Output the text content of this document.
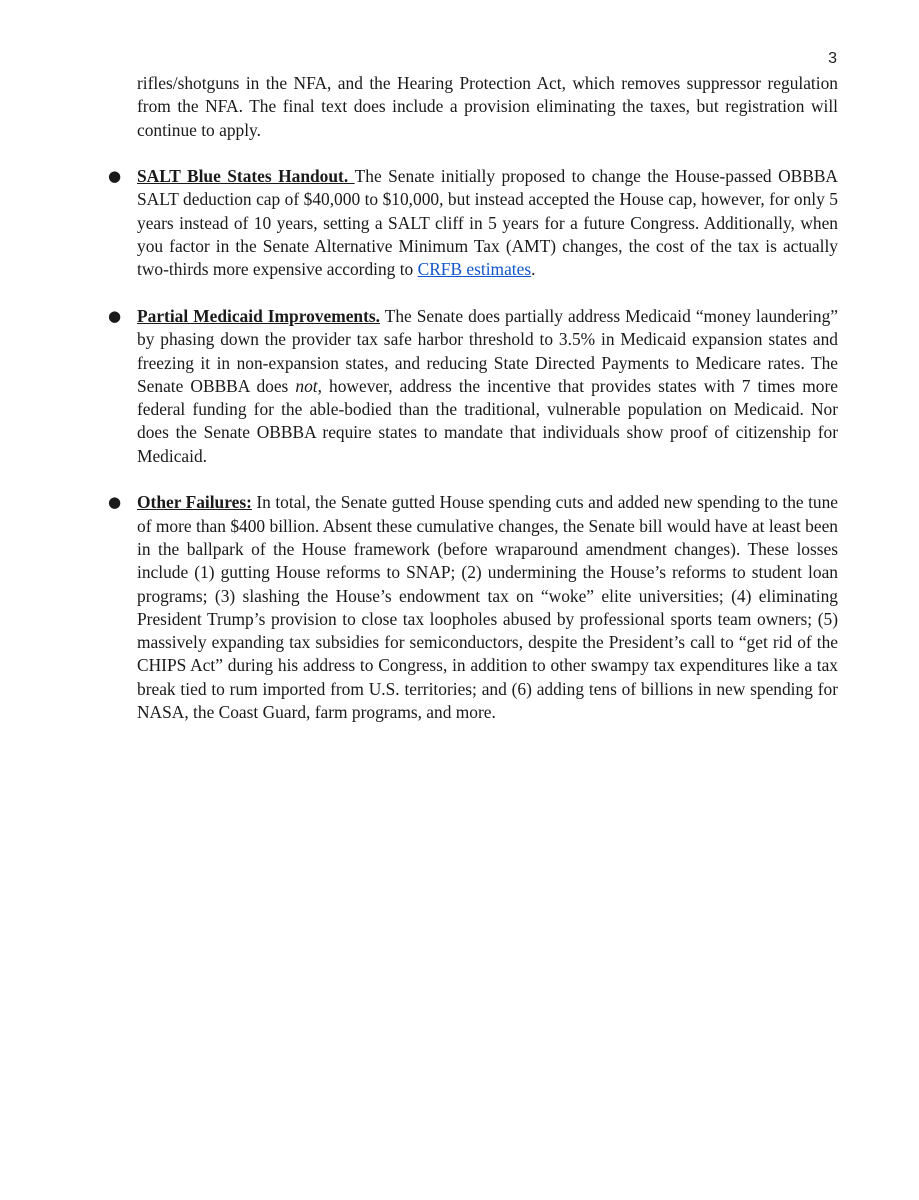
3

rifles/shotguns in the NFA, and the Hearing Protection Act, which removes suppressor regulation from the NFA. The final text does include a provision eliminating the taxes, but registration will continue to apply.

● SALT Blue States Handout. The Senate initially proposed to change the House-passed OBBBA SALT deduction cap of $40,000 to $10,000, but instead accepted the House cap, however, for only 5 years instead of 10 years, setting a SALT cliff in 5 years for a future Congress. Additionally, when you factor in the Senate Alternative Minimum Tax (AMT) changes, the cost of the tax is actually two-thirds more expensive according to CRFB estimates.

● Partial Medicaid Improvements. The Senate does partially address Medicaid “money laundering” by phasing down the provider tax safe harbor threshold to 3.5% in Medicaid expansion states and freezing it in non-expansion states, and reducing State Directed Payments to Medicare rates. The Senate OBBBA does not, however, address the incentive that provides states with 7 times more federal funding for the able-bodied than the traditional, vulnerable population on Medicaid. Nor does the Senate OBBBA require states to mandate that individuals show proof of citizenship for Medicaid.

● Other Failures: In total, the Senate gutted House spending cuts and added new spending to the tune of more than $400 billion. Absent these cumulative changes, the Senate bill would have at least been in the ballpark of the House framework (before wraparound amendment changes). These losses include (1) gutting House reforms to SNAP; (2) undermining the House’s reforms to student loan programs; (3) slashing the House’s endowment tax on “woke” elite universities; (4) eliminating President Trump’s provision to close tax loopholes abused by professional sports team owners; (5) massively expanding tax subsidies for semiconductors, despite the President’s call to “get rid of the CHIPS Act” during his address to Congress, in addition to other swampy tax expenditures like a tax break tied to rum imported from U.S. territories; and (6) adding tens of billions in new spending for NASA, the Coast Guard, farm programs, and more.
